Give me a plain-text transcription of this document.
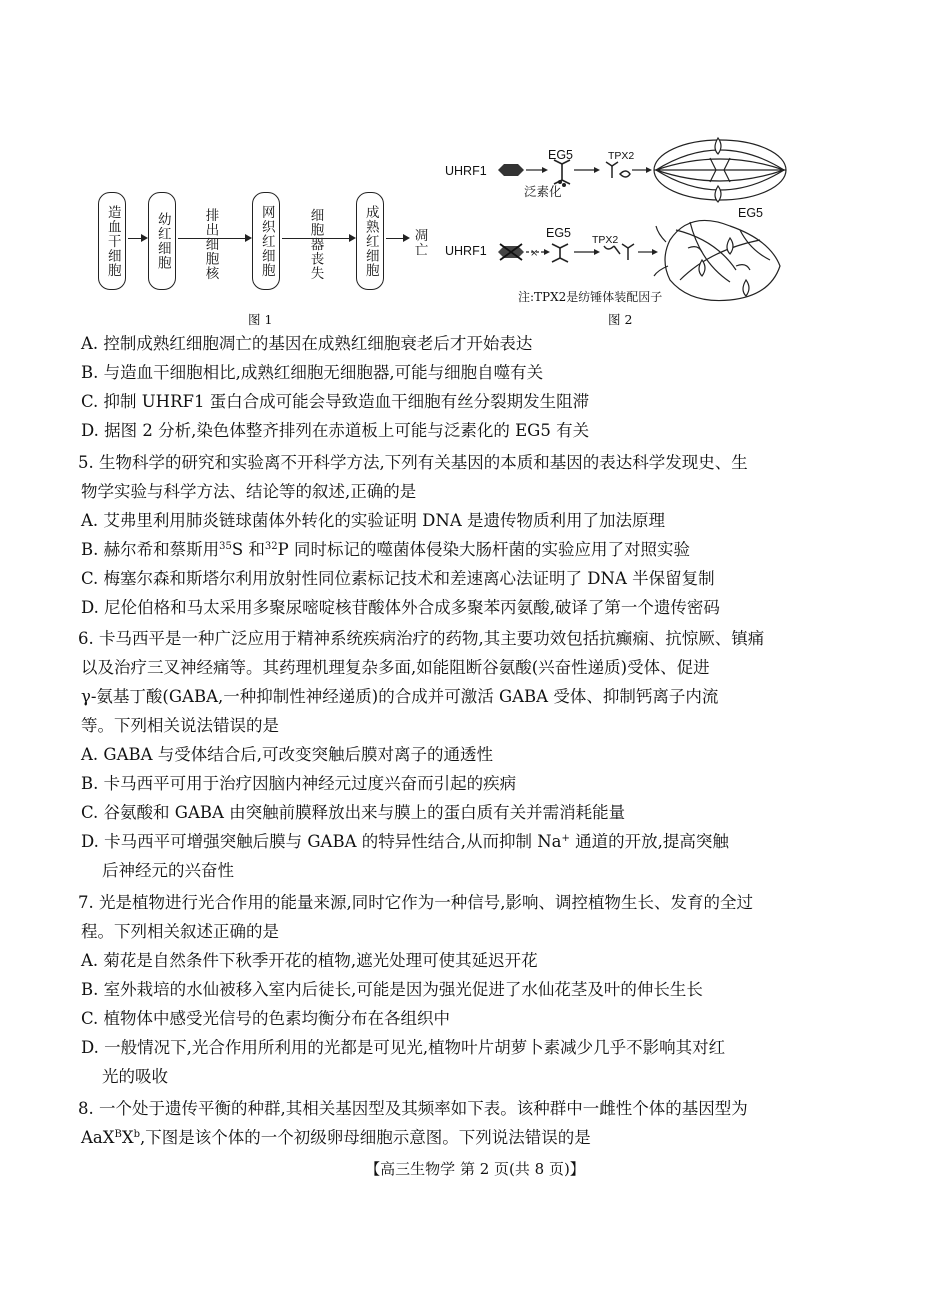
造血干细胞	幼红细胞 排出细胞核	网织红细胞 细胞器丧失	成熟红细胞 凋亡
图 1
×
UHRF1
EG5	TPX2
泛素化
UHRF1
EG5 TPX2
EG5
注:TPX2是纺锤体装配因子
图 2
A. 控制成熟红细胞凋亡的基因在成熟红细胞衰老后才开始表达
B. 与造血干细胞相比,成熟红细胞无细胞器,可能与细胞自噬有关
C. 抑制 UHRF1 蛋白合成可能会导致造血干细胞有丝分裂期发生阻滞
D. 据图 2 分析,染色体整齐排列在赤道板上可能与泛素化的 EG5 有关
5. 生物科学的研究和实验离不开科学方法,下列有关基因的本质和基因的表达科学发现史、生
物学实验与科学方法、结论等的叙述,正确的是
A. 艾弗里利用肺炎链球菌体外转化的实验证明 DNA 是遗传物质利用了加法原理
B. 赫尔希和蔡斯用$^{35}$S 和$^{32}$P 同时标记的噬菌体侵染大肠杆菌的实验应用了对照实验
C. 梅塞尔森和斯塔尔利用放射性同位素标记技术和差速离心法证明了 DNA 半保留复制
D. 尼伦伯格和马太采用多聚尿嘧啶核苷酸体外合成多聚苯丙氨酸,破译了第一个遗传密码
6. 卡马西平是一种广泛应用于精神系统疾病治疗的药物,其主要功效包括抗癫痫、抗惊厥、镇痛
以及治疗三叉神经痛等。其药理机理复杂多面,如能阻断谷氨酸(兴奋性递质)受体、促进
γ-氨基丁酸(GABA,一种抑制性神经递质)的合成并可激活 GABA 受体、抑制钙离子内流
等。下列相关说法错误的是
A. GABA 与受体结合后,可改变突触后膜对离子的通透性
B. 卡马西平可用于治疗因脑内神经元过度兴奋而引起的疾病
C. 谷氨酸和 GABA 由突触前膜释放出来与膜上的蛋白质有关并需消耗能量
D. 卡马西平可增强突触后膜与 GABA 的特异性结合,从而抑制 Na+ 通道的开放,提高突触
后神经元的兴奋性
7. 光是植物进行光合作用的能量来源,同时它作为一种信号,影响、调控植物生长、发育的全过
程。下列相关叙述正确的是
A. 菊花是自然条件下秋季开花的植物,遮光处理可使其延迟开花
B. 室外栽培的水仙被移入室内后徒长,可能是因为强光促进了水仙花茎及叶的伸长生长
C. 植物体中感受光信号的色素均衡分布在各组织中
D. 一般情况下,光合作用所利用的光都是可见光,植物叶片胡萝卜素减少几乎不影响其对红
光的吸收
8. 一个处于遗传平衡的种群,其相关基因型及其频率如下表。该种群中一雌性个体的基因型为
$AaX^BX^b$,下图是该个体的一个初级卵母细胞示意图。下列说法错误的是
【高三生物学 第 2 页(共 8 页)】
